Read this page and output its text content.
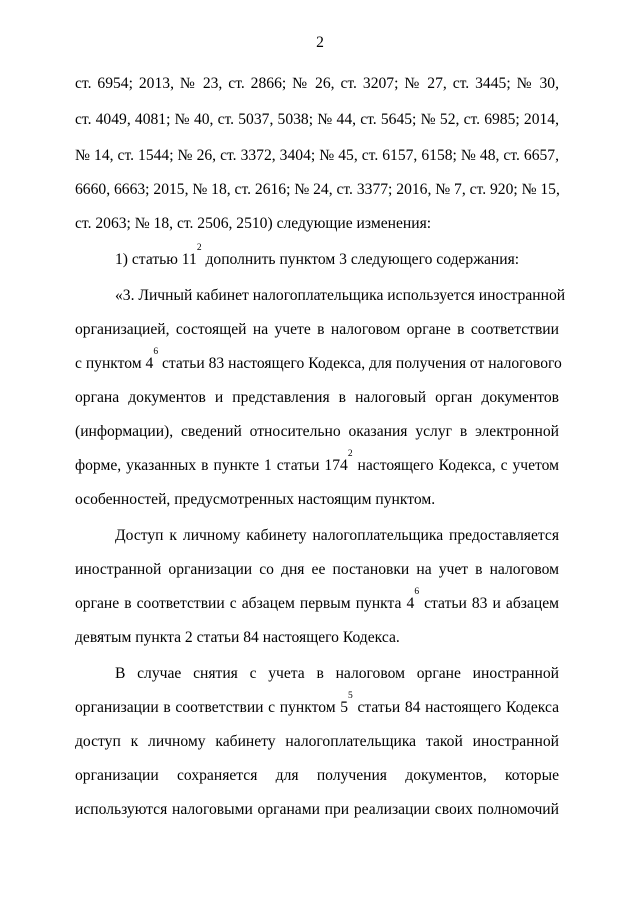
2
ст. 6954; 2013, № 23, ст. 2866; № 26, ст. 3207; № 27, ст. 3445; № 30,
ст. 4049, 4081; № 40, ст. 5037, 5038; № 44, ст. 5645; № 52, ст. 6985; 2014,
№ 14, ст. 1544; № 26, ст. 3372, 3404; № 45, ст. 6157, 6158; № 48, ст. 6657,
6660, 6663; 2015, № 18, ст. 2616; № 24, ст. 3377; 2016, № 7, ст. 920; № 15,
ст. 2063; № 18, ст. 2506, 2510) следующие изменения:
1) статью $11^2$ дополнить пунктом 3 следующего содержания:
«3. Личный кабинет налогоплательщика используется иностранной
организацией, состоящей на учете в налоговом органе в соответствии
с пунктом $4^6$ статьи 83 настоящего Кодекса, для получения от налогового
органа документов и представления в налоговый орган документов
(информации), сведений относительно оказания услуг в электронной
форме, указанных в пункте 1 статьи $174^2$ настоящего Кодекса, с учетом
особенностей, предусмотренных настоящим пунктом.
Доступ к личному кабинету налогоплательщика предоставляется
иностранной организации со дня ее постановки на учет в налоговом
органе в соответствии с абзацем первым пункта $4^6$ статьи 83 и абзацем
девятым пункта 2 статьи 84 настоящего Кодекса.
В случае снятия с учета в налоговом органе иностранной
организации в соответствии с пунктом $5^5$ статьи 84 настоящего Кодекса
доступ к личному кабинету налогоплательщика такой иностранной
организации сохраняется для получения документов, которые
используются налоговыми органами при реализации своих полномочий
